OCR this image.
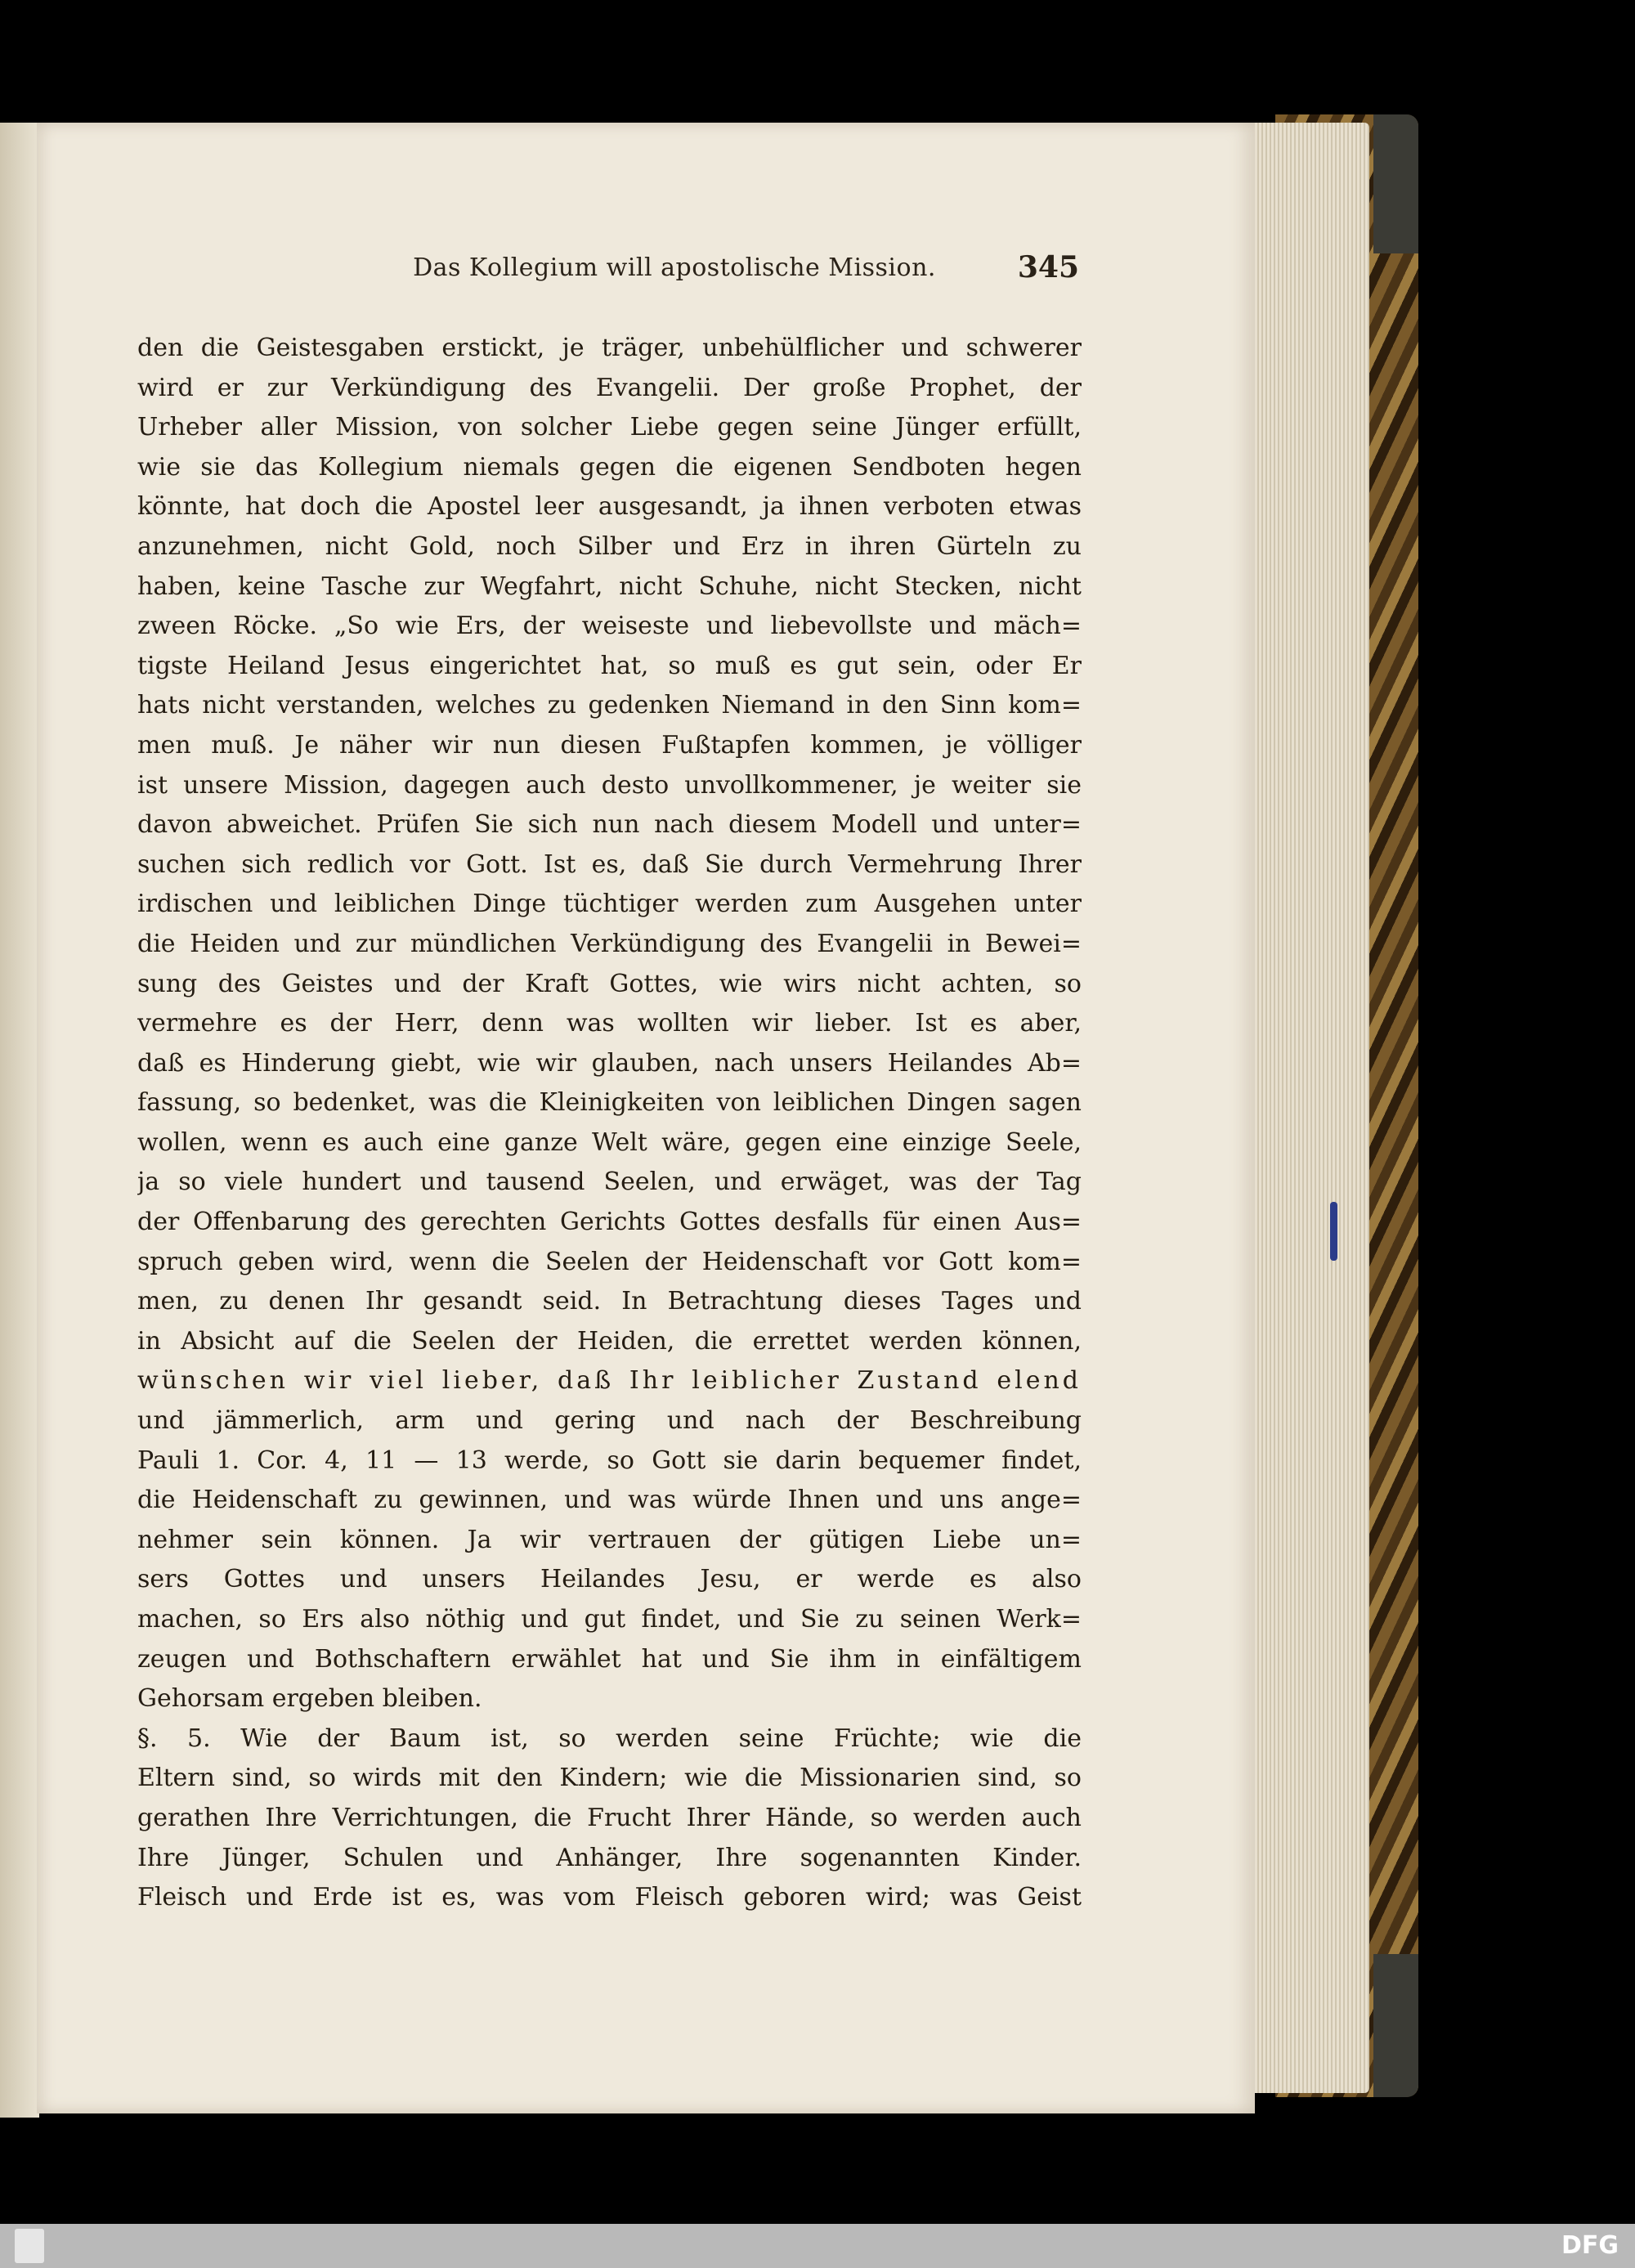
Das Kollegium will apostolische Mission.	345
den die Geistesgaben erstickt, je träger, unbehülflicher und schwerer
wird er zur Verkündigung des Evangelii. Der große Prophet, der
Urheber aller Mission, von solcher Liebe gegen seine Jünger erfüllt,
wie sie das Kollegium niemals gegen die eigenen Sendboten hegen
könnte, hat doch die Apostel leer ausgesandt, ja ihnen verboten etwas
anzunehmen, nicht Gold, noch Silber und Erz in ihren Gürteln zu
haben, keine Tasche zur Wegfahrt, nicht Schuhe, nicht Stecken, nicht
zween Röcke. „So wie Ers, der weiseste und liebevollste und mäch=
tigste Heiland Jesus eingerichtet hat, so muß es gut sein, oder Er
hats nicht verstanden, welches zu gedenken Niemand in den Sinn kom=
men muß. Je näher wir nun diesen Fußtapfen kommen, je völliger
ist unsere Mission, dagegen auch desto unvollkommener, je weiter sie
davon abweichet. Prüfen Sie sich nun nach diesem Modell und unter=
suchen sich redlich vor Gott. Ist es, daß Sie durch Vermehrung Ihrer
irdischen und leiblichen Dinge tüchtiger werden zum Ausgehen unter
die Heiden und zur mündlichen Verkündigung des Evangelii in Bewei=
sung des Geistes und der Kraft Gottes, wie wirs nicht achten, so
vermehre es der Herr, denn was wollten wir lieber. Ist es aber,
daß es Hinderung giebt, wie wir glauben, nach unsers Heilandes Ab=
fassung, so bedenket, was die Kleinigkeiten von leiblichen Dingen sagen
wollen, wenn es auch eine ganze Welt wäre, gegen eine einzige Seele,
ja so viele hundert und tausend Seelen, und erwäget, was der Tag
der Offenbarung des gerechten Gerichts Gottes desfalls für einen Aus=
spruch geben wird, wenn die Seelen der Heidenschaft vor Gott kom=
men, zu denen Ihr gesandt seid. In Betrachtung dieses Tages und
in Absicht auf die Seelen der Heiden, die errettet werden können,
wünschen wir viel lieber, daß Ihr leiblicher Zustand elend
und jämmerlich, arm und gering und nach der Beschreibung
Pauli 1. Cor. 4, 11 — 13 werde, so Gott sie darin bequemer findet,
die Heidenschaft zu gewinnen, und was würde Ihnen und uns ange=
nehmer sein können. Ja wir vertrauen der gütigen Liebe un=
sers Gottes und unsers Heilandes Jesu, er werde es also
machen, so Ers also nöthig und gut findet, und Sie zu seinen Werk=
zeugen und Bothschaftern erwählet hat und Sie ihm in einfältigem
Gehorsam ergeben bleiben.
§. 5. Wie der Baum ist, so werden seine Früchte; wie die
Eltern sind, so wirds mit den Kindern; wie die Missionarien sind, so
gerathen Ihre Verrichtungen, die Frucht Ihrer Hände, so werden auch
Ihre Jünger, Schulen und Anhänger, Ihre sogenannten Kinder.
Fleisch und Erde ist es, was vom Fleisch geboren wird; was Geist
DFG
